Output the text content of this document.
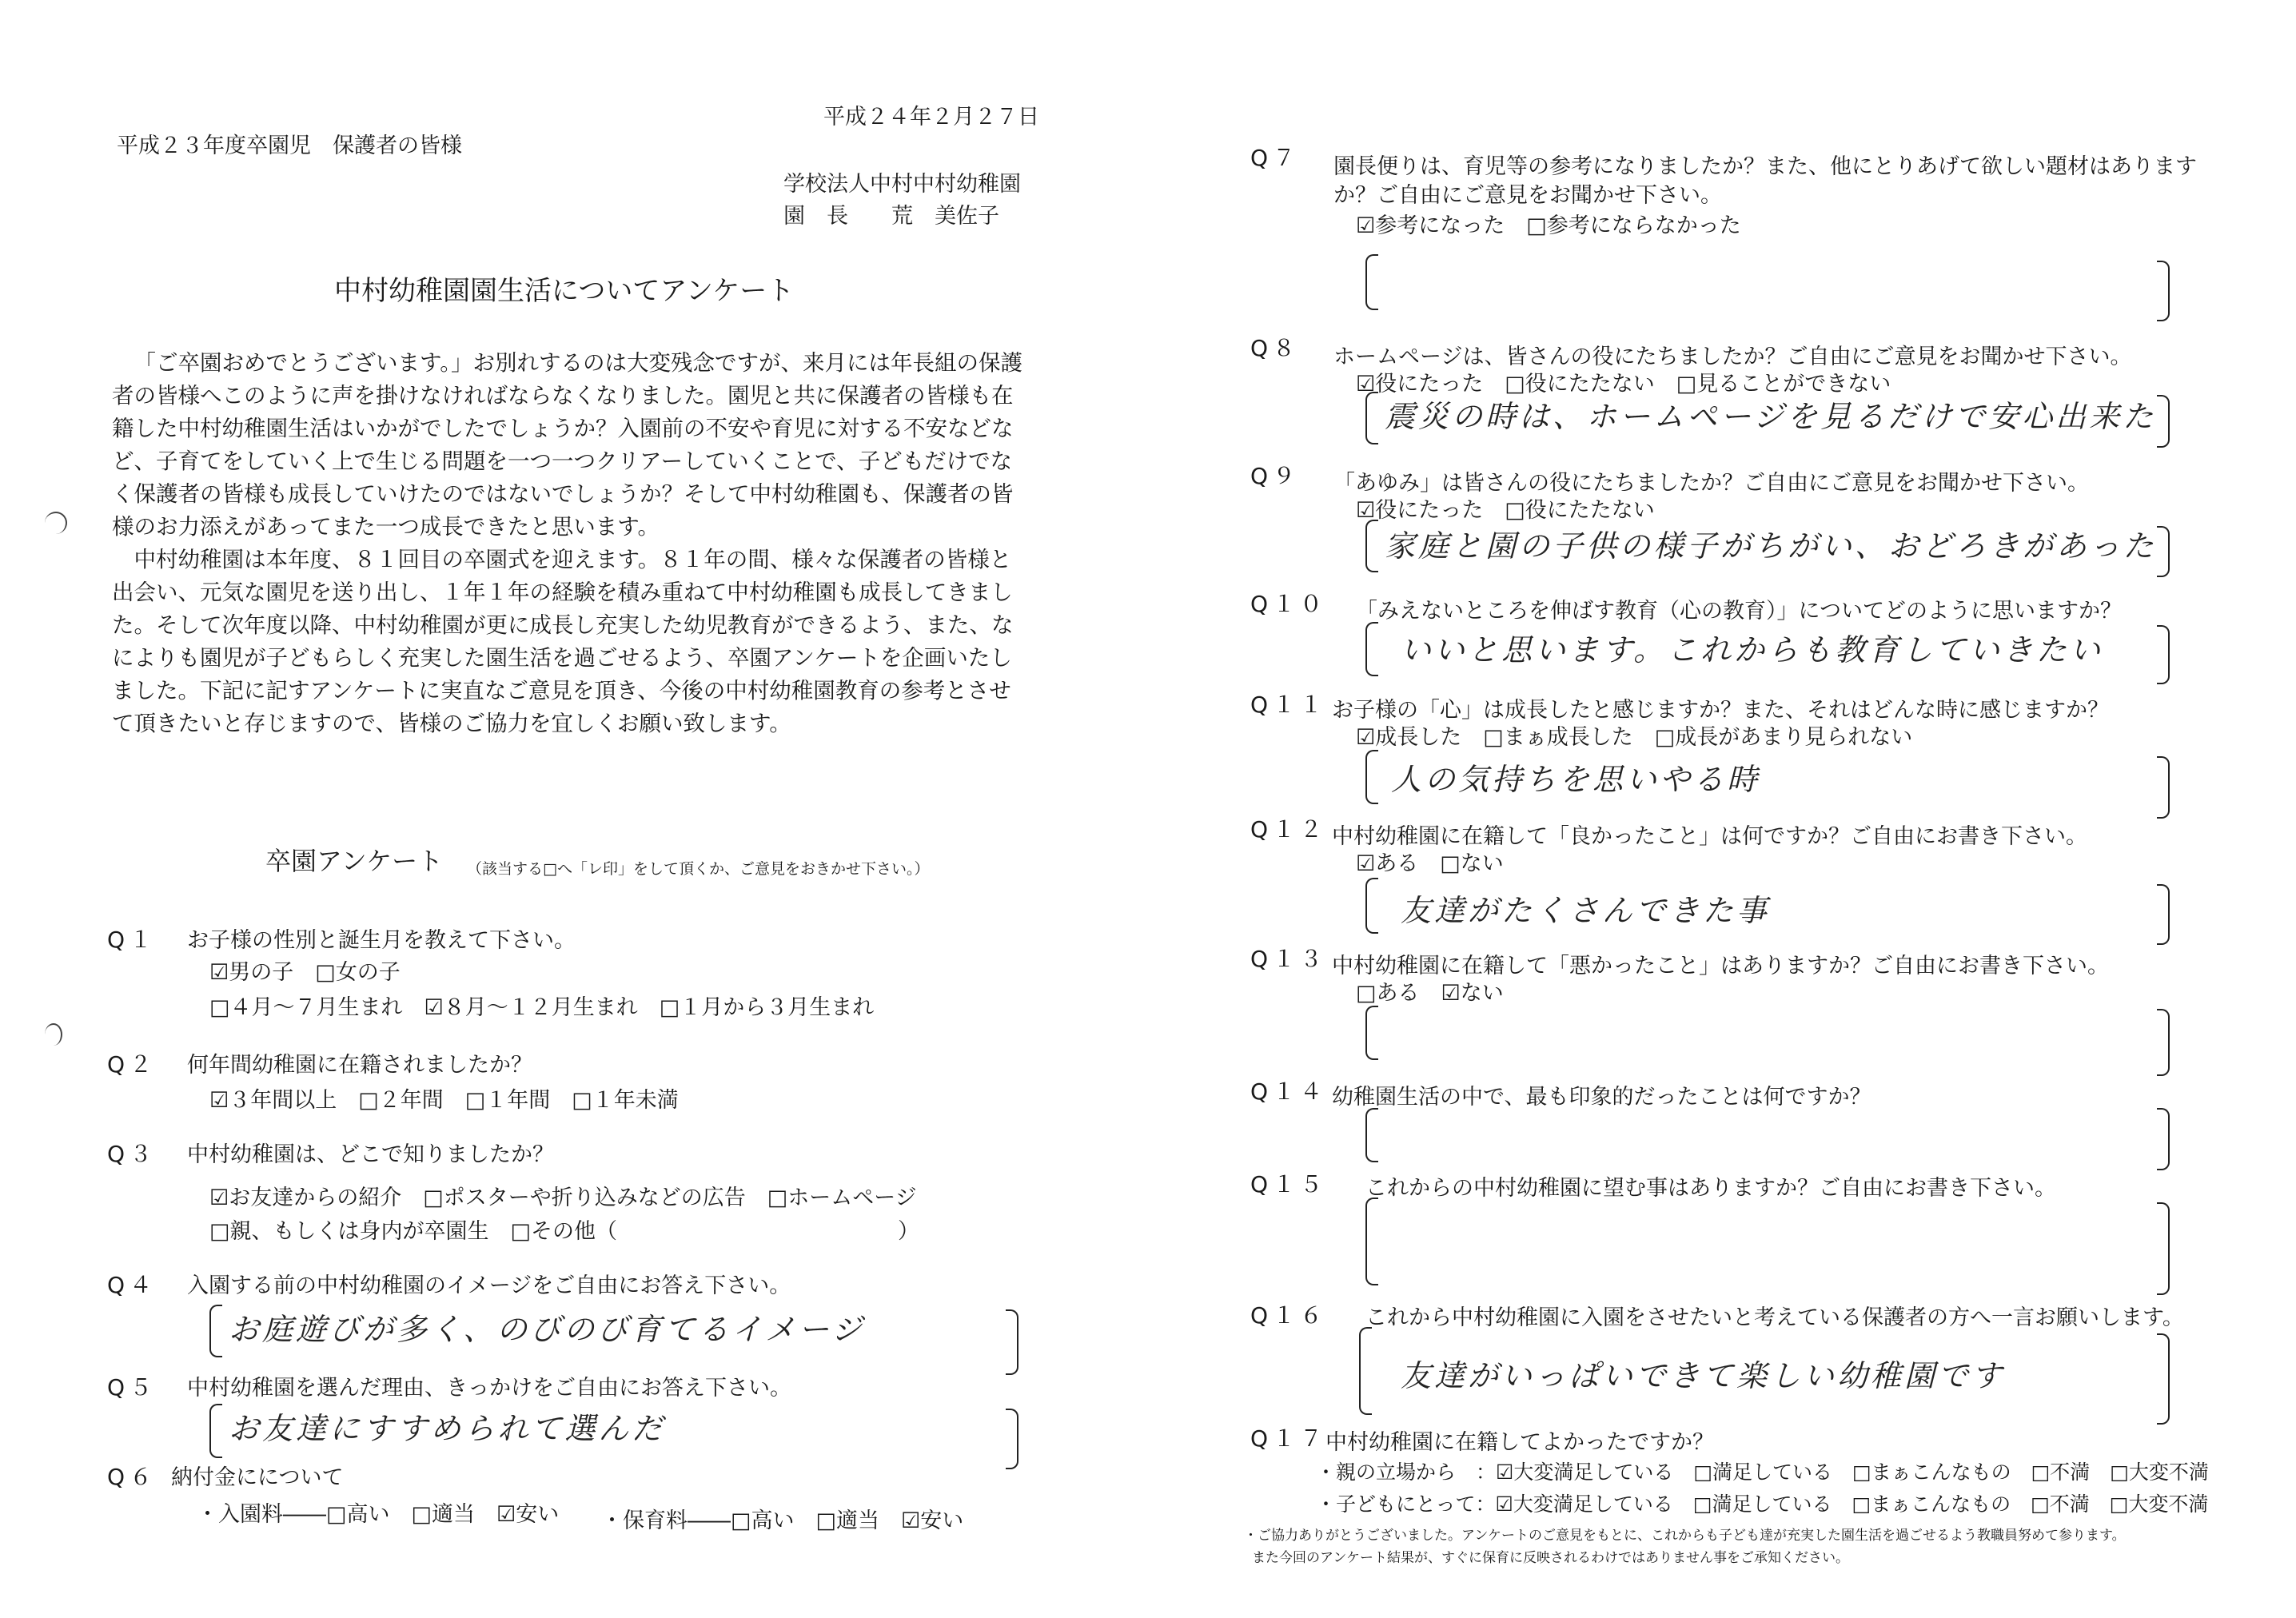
平成２４年２月２７日
平成２３年度卒園児　保護者の皆様
学校法人中村中村幼稚園
園　長　　荒　美佐子
中村幼稚園園生活についてアンケート

「ご卒園おめでとうございます。」お別れするのは大変残念ですが、来月には年長組の保護者の皆様へこのように声を掛けなければならなくなりました。園児と共に保護者の皆様も在籍した中村幼稚園生活はいかがでしたでしょうか？入園前の不安や育児に対する不安などなど、子育てをしていく上で生じる問題を一つ一つクリアーしていくことで、子どもだけでなく保護者の皆様も成長していけたのではないでしょうか？そして中村幼稚園も、保護者の皆様のお力添えがあってまた一つ成長できたと思います。

中村幼稚園は本年度、８１回目の卒園式を迎えます。８１年の間、様々な保護者の皆様と出会い、元気な園児を送り出し、１年１年の経験を積み重ねて中村幼稚園も成長してきました。そして次年度以降、中村幼稚園が更に成長し充実した幼児教育ができるよう、また、なによりも園児が子どもらしく充実した園生活を過ごせるよう、卒園アンケートを企画いたしました。下記に記すアンケートに実直なご意見を頂き、今後の中村幼稚園教育の参考とさせて頂きたいと存じますので、皆様のご協力を宜しくお願い致します。

卒園アンケート （該当する□へ「レ印」をして頂くか、ご意見をおきかせ下さい。）
Q１ お子様の性別と誕生月を教えて下さい。
☑男の子　□女の子
□４月～７月生まれ　☑８月～１２月生まれ　□１月から３月生まれ
Q２ 何年間幼稚園に在籍されましたか？
☑３年間以上　□２年間　□１年間　□１年未満
Q３ 中村幼稚園は、どこで知りましたか？
☑お友達からの紹介　□ポスターや折り込みなどの広告　□ホームページ
□親、もしくは身内が卒園生　□その他（　　　　　　　　　　　　　）
Q４ 入園する前の中村幼稚園のイメージをご自由にお答え下さい。
お庭遊びが多く、のびのび育てるイメージ
Q５ 中村幼稚園を選んだ理由、きっかけをご自由にお答え下さい。
お友達にすすめられて選んだ
Q６ 納付金にについて
・入園料――□高い　□適当　☑安い ・保育料――□高い　□適当　☑安い
Q７ 園長便りは、育児等の参考になりましたか？また、他にとりあげて欲しい題材はあります
か？ご自由にご意見をお聞かせ下さい。
☑参考になった　□参考にならなかった
Q８ ホームページは、皆さんの役にたちましたか？ご自由にご意見をお聞かせ下さい。
☑役にたった　□役にたたない　□見ることができない
震災の時は、ホームページを見るだけで安心出来た
Q９ 「あゆみ」は皆さんの役にたちましたか？ご自由にご意見をお聞かせ下さい。
☑役にたった　□役にたたない
家庭と園の子供の様子がちがい、おどろきがあった
Q１０ 「みえないところを伸ばす教育（心の教育）」についてどのように思いますか？
いいと思います。これからも教育していきたい
Q１１ お子様の「心」は成長したと感じますか？また、それはどんな時に感じますか？
☑成長した　□まぁ成長した　□成長があまり見られない
人の気持ちを思いやる時
Q１２ 中村幼稚園に在籍して「良かったこと」は何ですか？ご自由にお書き下さい。
☑ある　□ない
友達がたくさんできた事
Q１３ 中村幼稚園に在籍して「悪かったこと」はありますか？ご自由にお書き下さい。
□ある　☑ない
Q１４ 幼稚園生活の中で、最も印象的だったことは何ですか？
Q１５ これからの中村幼稚園に望む事はありますか？ご自由にお書き下さい。
Q１６ これから中村幼稚園に入園をさせたいと考えている保護者の方へ一言お願いします。
友達がいっぱいできて楽しい幼稚園です
Q１７
中村幼稚園に在籍してよかったですか？
・親の立場から　：☑大変満足している　□満足している　□まぁこんなもの　□不満　□大変不満
・子どもにとって：☑大変満足している　□満足している　□まぁこんなもの　□不満　□大変不満
・ご協力ありがとうございました。アンケートのご意見をもとに、これからも子ども達が充実した園生活を過ごせるよう教職員努めて参ります。
また今回のアンケート結果が、すぐに保育に反映されるわけではありません事をご承知ください。
